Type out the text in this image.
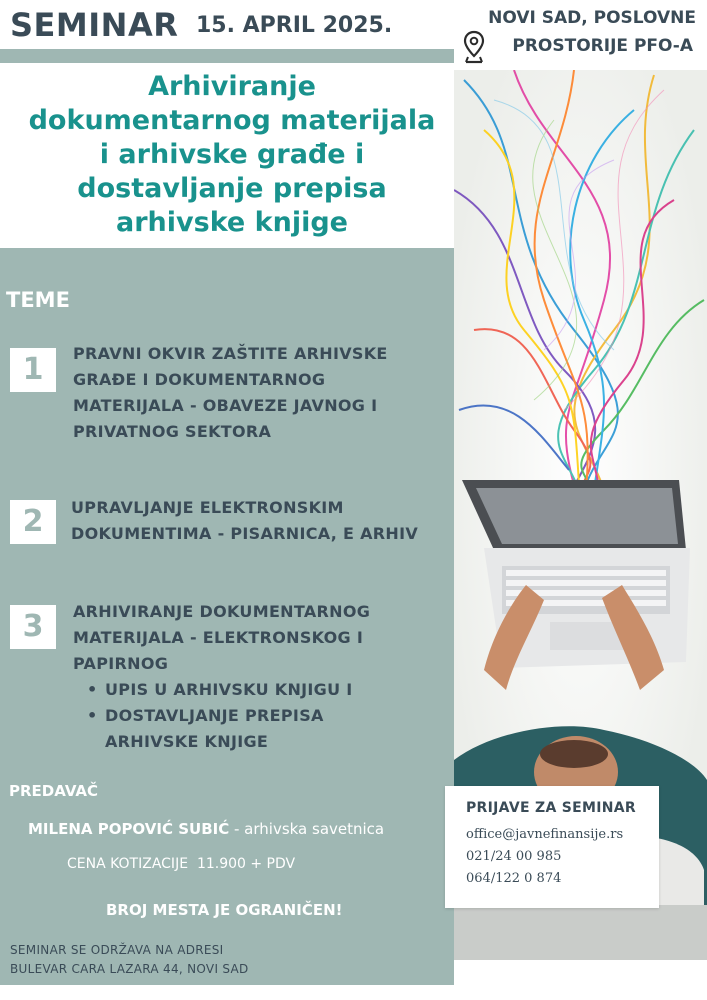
SEMINAR 15. APRIL 2025.	NOVI SAD, POSLOVNE
PROSTORIJE PFO-A
Arhiviranje
dokumentarnog materijala
i arhivske građe i
dostavljanje prepisa
arhivske knjige
TEME
1	PRAVNI OKVIR ZAŠTITE ARHIVSKE
GRAĐE I DOKUMENTARNOG
MATERIJALA - OBAVEZE JAVNOG I
PRIVATNOG SEKTORA
2	UPRAVLJANJE ELEKTRONSKIM
DOKUMENTIMA - PISARNICA, E ARHIV
3	ARHIVIRANJE DOKUMENTARNOG
MATERIJALA - ELEKTRONSKOG I
PAPIRNOG
• UPIS U ARHIVSKU KNJIGU I
• DOSTAVLJANJE PREPISA
ARHIVSKE KNJIGE
PREDAVAČ
MILENA POPOVIĆ SUBIĆ - arhivska savetnica
CENA KOTIZACIJE  11.900 + PDV
BROJ MESTA JE OGRANIČEN!
SEMINAR SE ODRŽAVA NA ADRESI
BULEVAR CARA LAZARA 44, NOVI SAD
PRIJAVE ZA SEMINAR
office@javnefinansije.rs
021/24 00 985
064/122 0 874
